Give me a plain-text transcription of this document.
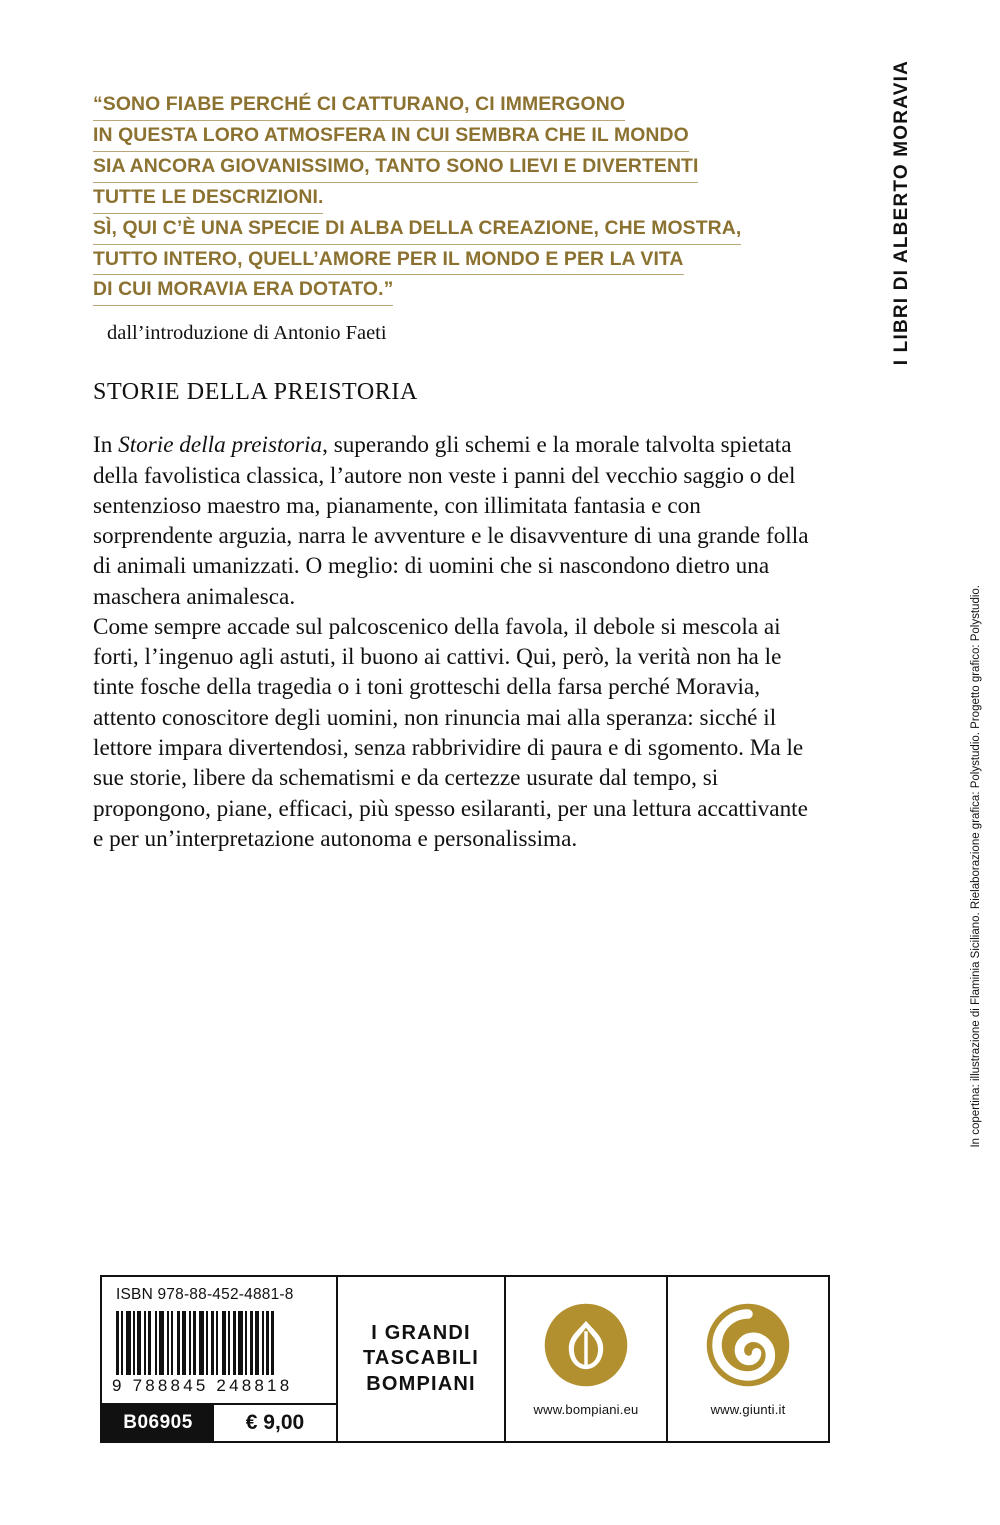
I LIBRI DI ALBERTO MORAVIA
In copertina: illustrazione di Flaminia Siciliano. Rielaborazione grafica: Polystudio. Progetto grafico: Polystudio.
“SONO FIABE PERCHÉ CI CATTURANO, CI IMMERGONO
IN QUESTA LORO ATMOSFERA IN CUI SEMBRA CHE IL MONDO
SIA ANCORA GIOVANISSIMO, TANTO SONO LIEVI E DIVERTENTI
TUTTE LE DESCRIZIONI.
SÌ, QUI C’È UNA SPECIE DI ALBA DELLA CREAZIONE, CHE MOSTRA,
TUTTO INTERO, QUELL’AMORE PER IL MONDO E PER LA VITA
DI CUI MORAVIA ERA DOTATO.”
dall’introduzione di Antonio Faeti
STORIE DELLA PREISTORIA

In Storie della preistoria, superando gli schemi e la morale talvolta spietata della favolistica classica, l’autore non veste i panni del vecchio saggio o del sentenzioso maestro ma, pianamente, con illimitata fantasia e con sorprendente arguzia, narra le avventure e le disavventure di una grande folla di animali umanizzati. O meglio: di uomini che si nascondono dietro una maschera animalesca.

Come sempre accade sul palcoscenico della favola, il debole si mescola ai forti, l’ingenuo agli astuti, il buono ai cattivi. Qui, però, la verità non ha le tinte fosche della tragedia o i toni grotteschi della farsa perché Moravia, attento conoscitore degli uomini, non rinuncia mai alla speranza: sicché il lettore impara divertendosi, senza rabbrividire di paura e di sgomento. Ma le sue storie, libere da schematismi e da certezze usurate dal tempo, si propongono, piane, efficaci, più spesso esilaranti, per una lettura accattivante e per un’interpretazione autonoma e personalissima.

ISBN 978-88-452-4881-8
9 788845 248818
B06905	€ 9,00
I GRANDI
TASCABILI
BOMPIANI
www.bompiani.eu	www.giunti.it
